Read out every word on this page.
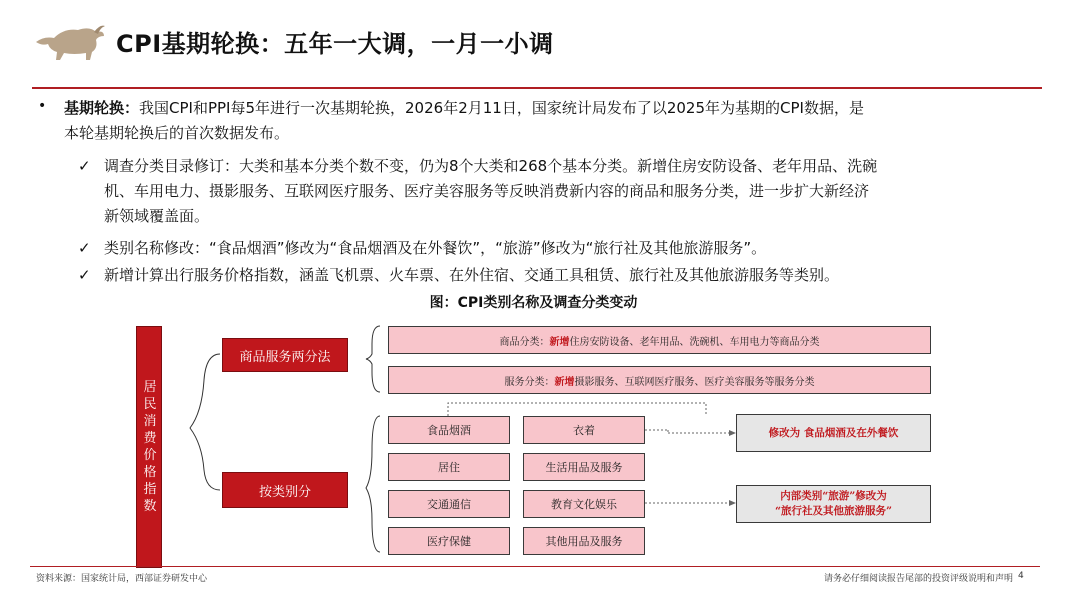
CPI基期轮换：五年一大调，一月一小调
• 基期轮换：我国CPI和PPI每5年进行一次基期轮换，2026年2月11日，国家统计局发布了以2025年为基期的CPI数据，是
本轮基期轮换后的首次数据发布。
✓ 调查分类目录修订：大类和基本分类个数不变，仍为8个大类和268个基本分类。新增住房安防设备、老年用品、洗碗
机、车用电力、摄影服务、互联网医疗服务、医疗美容服务等反映消费新内容的商品和服务分类，进一步扩大新经济
新领域覆盖面。
✓ 类别名称修改：“食品烟酒”修改为“食品烟酒及在外餐饮”，“旅游”修改为“旅行社及其他旅游服务”。
✓ 新增计算出行服务价格指数，涵盖飞机票、火车票、在外住宿、交通工具租赁、旅行社及其他旅游服务等类别。
图：CPI类别名称及调查分类变动
居民消费价格指数
商品服务两分法
按类别分
商品分类： 新增 住房安防设备、老年用品、洗碗机、车用电力等商品分类
服务分类： 新增 摄影服务、互联网医疗服务、医疗美容服务等服务分类
食品烟酒	衣着
居住	生活用品及服务
交通通信	教育文化娱乐
医疗保健	其他用品及服务
修改为 食品烟酒及在外餐饮
内部类别“旅游”修改为
“旅行社及其他旅游服务”
资料来源：国家统计局，西部证券研发中心	请务必仔细阅读报告尾部的投资评级说明和声明 4
